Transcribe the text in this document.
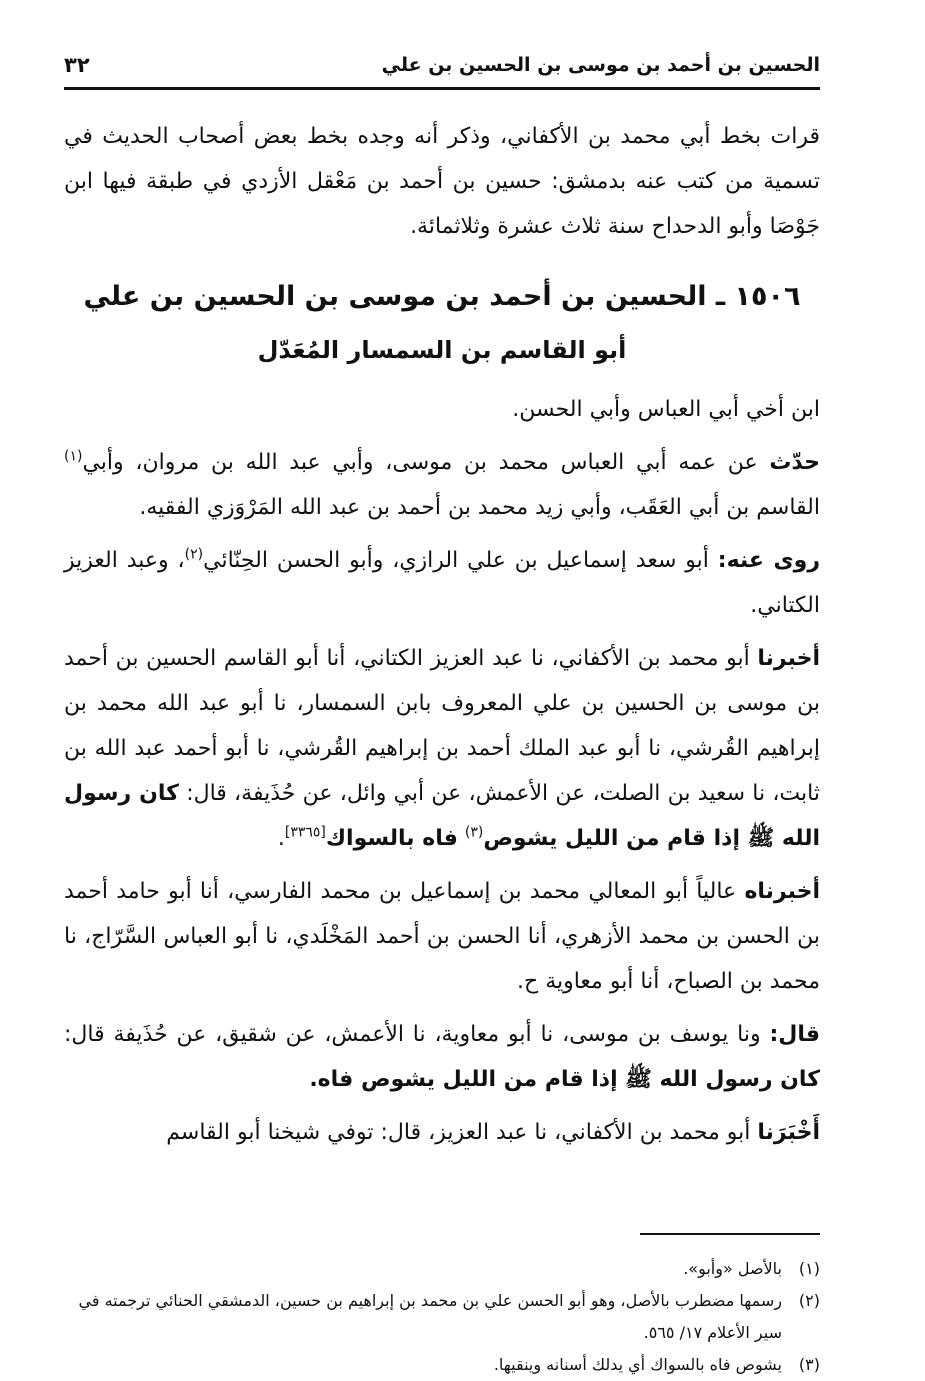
الحسين بن أحمد بن موسى بن الحسين بن علي
٣٢
قرات بخط أبي محمد بن الأكفاني، وذكر أنه وجده بخط بعض أصحاب الحديث في تسمية من كتب عنه بدمشق: حسين بن أحمد بن مَعْقل الأزدي في طبقة فيها ابن جَوْصَا وأبو الدحداح سنة ثلاث عشرة وثلاثمائة.
١٥٠٦ ـ الحسين بن أحمد بن موسى بن الحسين بن علي
أبو القاسم بن السمسار المُعَدّل
ابن أخي أبي العباس وأبي الحسن.
حدّث عن عمه أبي العباس محمد بن موسى، وأبي عبد الله بن مروان، وأبي$^{(١)}$ القاسم بن أبي العَقَب، وأبي زيد محمد بن أحمد بن عبد الله المَرْوَزي الفقيه.
روى عنه: أبو سعد إسماعيل بن علي الرازي، وأبو الحسن الحِنّائي$^{(٢)}$، وعبد العزيز الكتاني.
أخبرنا أبو محمد بن الأكفاني، نا عبد العزيز الكتاني، أنا أبو القاسم الحسين بن أحمد بن موسى بن الحسين بن علي المعروف بابن السمسار، نا أبو عبد الله محمد بن إبراهيم القُرشي، نا أبو عبد الملك أحمد بن إبراهيم القُرشي، نا أبو أحمد عبد الله بن ثابت، نا سعيد بن الصلت، عن الأعمش، عن أبي وائل، عن حُذَيفة، قال: كان رسول الله ﷺ إذا قام من الليل يشوص$^{(٣)}$ فاه بالسواك[٣٣٦٥].
أخبرناه عالياً أبو المعالي محمد بن إسماعيل بن محمد الفارسي، أنا أبو حامد أحمد بن الحسن بن محمد الأزهري، أنا الحسن بن أحمد المَخْلَدي، نا أبو العباس السَّرّاج، نا محمد بن الصباح، أنا أبو معاوية ح.
قال: ونا يوسف بن موسى، نا أبو معاوية، نا الأعمش، عن شقيق، عن حُذَيفة قال: كان رسول الله ﷺ إذا قام من الليل يشوص فاه.
أَخْبَرَنا أبو محمد بن الأكفاني، نا عبد العزيز، قال: توفي شيخنا أبو القاسم
(١)
بالأصل «وأبو».
(٢)
رسمها مضطرب بالأصل، وهو أبو الحسن علي بن محمد بن إبراهيم بن حسين، الدمشقي الحنائي ترجمته في سير الأعلام ١٧/ ٥٦٥.
(٣)
يشوص فاه بالسواك أي يدلك أسنانه وينقيها.
